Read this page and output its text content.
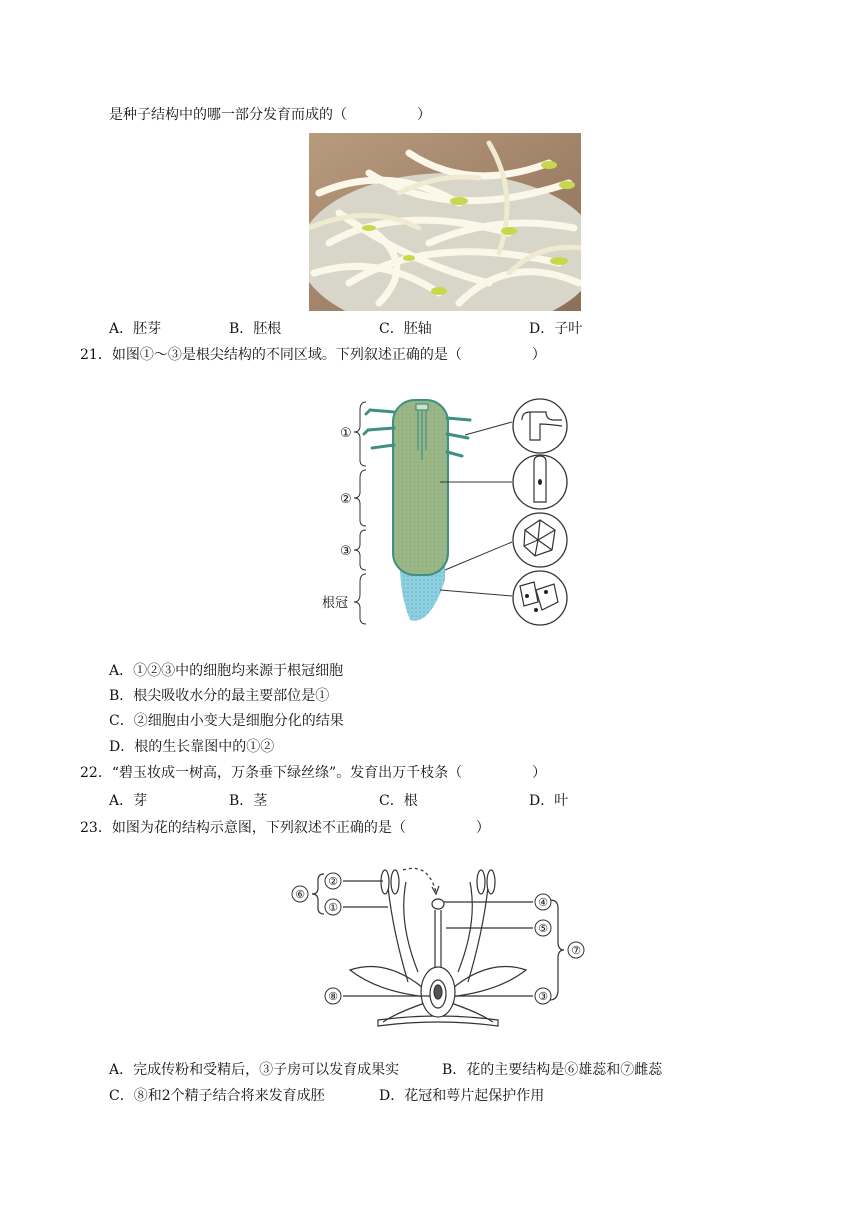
是种子结构中的哪一部分发育而成的（　　　　　）
A．胚芽	B．胚根	C．胚轴	D．子叶
21．如图①～③是根尖结构的不同区域。下列叙述正确的是（　　　　　）
①
②
③
根冠
A．①②③中的细胞均来源于根冠细胞
B．根尖吸收水分的最主要部位是①
C．②细胞由小变大是细胞分化的结果
D．根的生长靠图中的①②
22．“碧玉妆成一树高，万条垂下绿丝绦”。发育出万千枝条（　　　　　）
A．芽	B．茎	C．根	D．叶
23．如图为花的结构示意图，下列叙述不正确的是（　　　　　）
⑥
②
①	④
⑤
⑦
⑧	③
A．完成传粉和受精后，③子房可以发育成果实	B．花的主要结构是⑥雄蕊和⑦雌蕊
C．⑧和2个精子结合将来发育成胚	D．花冠和萼片起保护作用
